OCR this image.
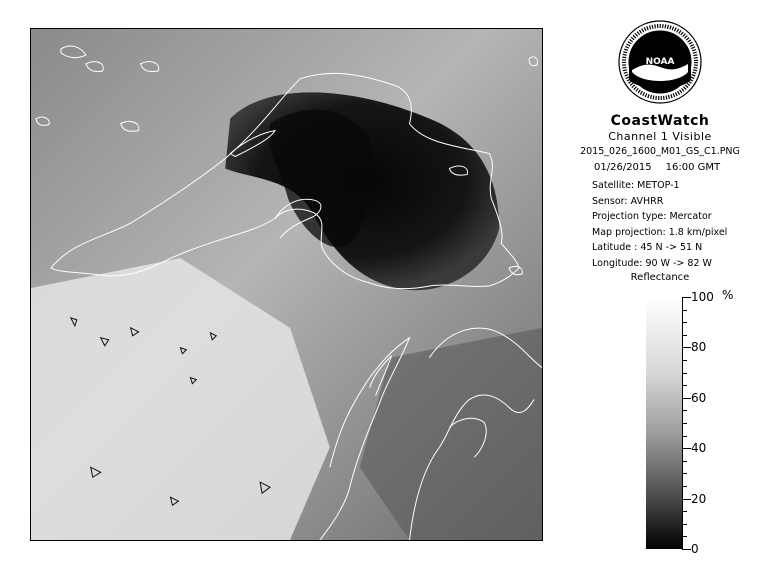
NOAA
CoastWatch
Channel 1 Visible
2015_026_1600_M01_GS_C1.PNG
01/26/2015 16:00 GMT
Satellite: METOP-1
Sensor: AVHRR
Projection type: Mercator
Map projection: 1.8 km/pixel
Latitude : 45 N -> 51 N
Longitude: 90 W -> 82 W
Reflectance
100
80
60
40
20
0
%
